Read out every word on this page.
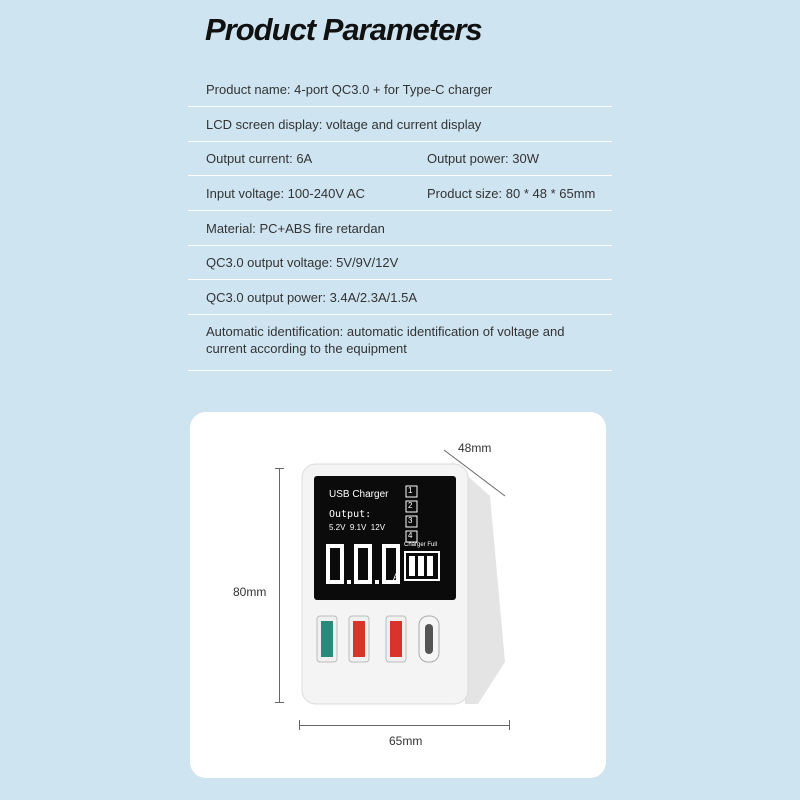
Product Parameters
Product name: 4-port QC3.0 + for Type-C charger
LCD screen display: voltage and current display
Output current: 6A	Output power: 30W
Input voltage: 100-240V AC	Product size: 80 * 48 * 65mm
Material: PC+ABS fire retardan
QC3.0 output voltage: 5V/9V/12V
QC3.0 output power: 3.4A/2.3A/1.5A
Automatic identification: automatic identification of voltage and current according to the equipment
48mm
80mm
65mm
USB Charger
Output:
5.2V  9.1V  12V
1
2
3
4
Charger Full
A
